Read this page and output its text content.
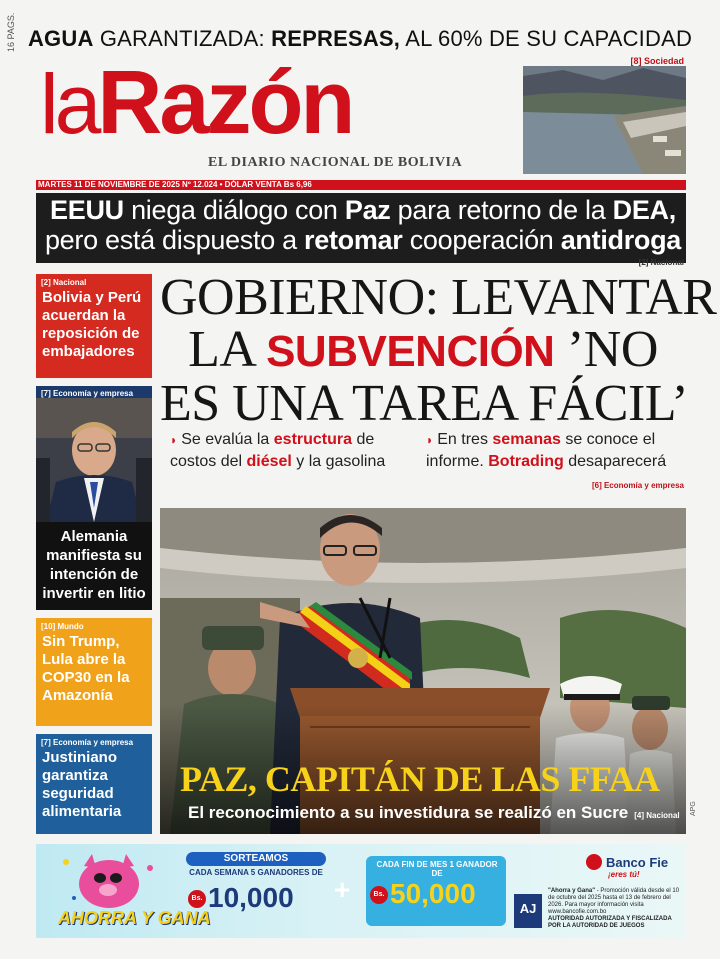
AGUA GARANTIZADA: REPRESAS, AL 60% DE SU CAPACIDAD
16 PAGS.
laRazón
EL DIARIO NACIONAL DE BOLIVIA
[8] Sociedad
MARTES 11 DE NOVIEMBRE DE 2025 Nº 12.024 • DÓLAR VENTA Bs 6,96
EEUU niega diálogo con Paz para retorno de la DEA,
pero está dispuesto a retomar cooperación antidroga
[2] Nacional
[2] Nacional
Bolivia y Perú acuerdan la reposición de embajadores
[7] Economía y empresa
Alemania manifiesta su intención de invertir en litio
[10] Mundo
Sin Trump, Lula abre la COP30 en la Amazonía
[7] Economía y empresa
Justiniano garantiza seguridad alimentaria
GOBIERNO: LEVANTAR
LA SUBVENCIÓN ’NO
ES UNA TAREA FÁCIL’
◗ Se evalúa la estructura de costos del diésel y la gasolina
◗ En tres semanas se conoce el informe. Botrading desaparecerá
[6] Economía y empresa
PAZ, CAPITÁN DE LAS FFAA
El reconocimiento a su investidura se realizó en Sucre [4] Nacional	APG
AHORRA Y GANA
SORTEAMOS
CADA SEMANA 5 GANADORES DE
Bs. 10,000 +
CADA FIN DE MES 1 GANADOR DE
Bs. 50,000	AJ
Banco Fie
¡eres tú!
"Ahorra y Gana" - Promoción válida desde el 10 de octubre del 2025 hasta el 13 de febrero del 2026. Para mayor información visita www.bancofie.com.bo
AUTORIDAD AUTORIZADA Y FISCALIZADA POR LA AUTORIDAD DE JUEGOS
